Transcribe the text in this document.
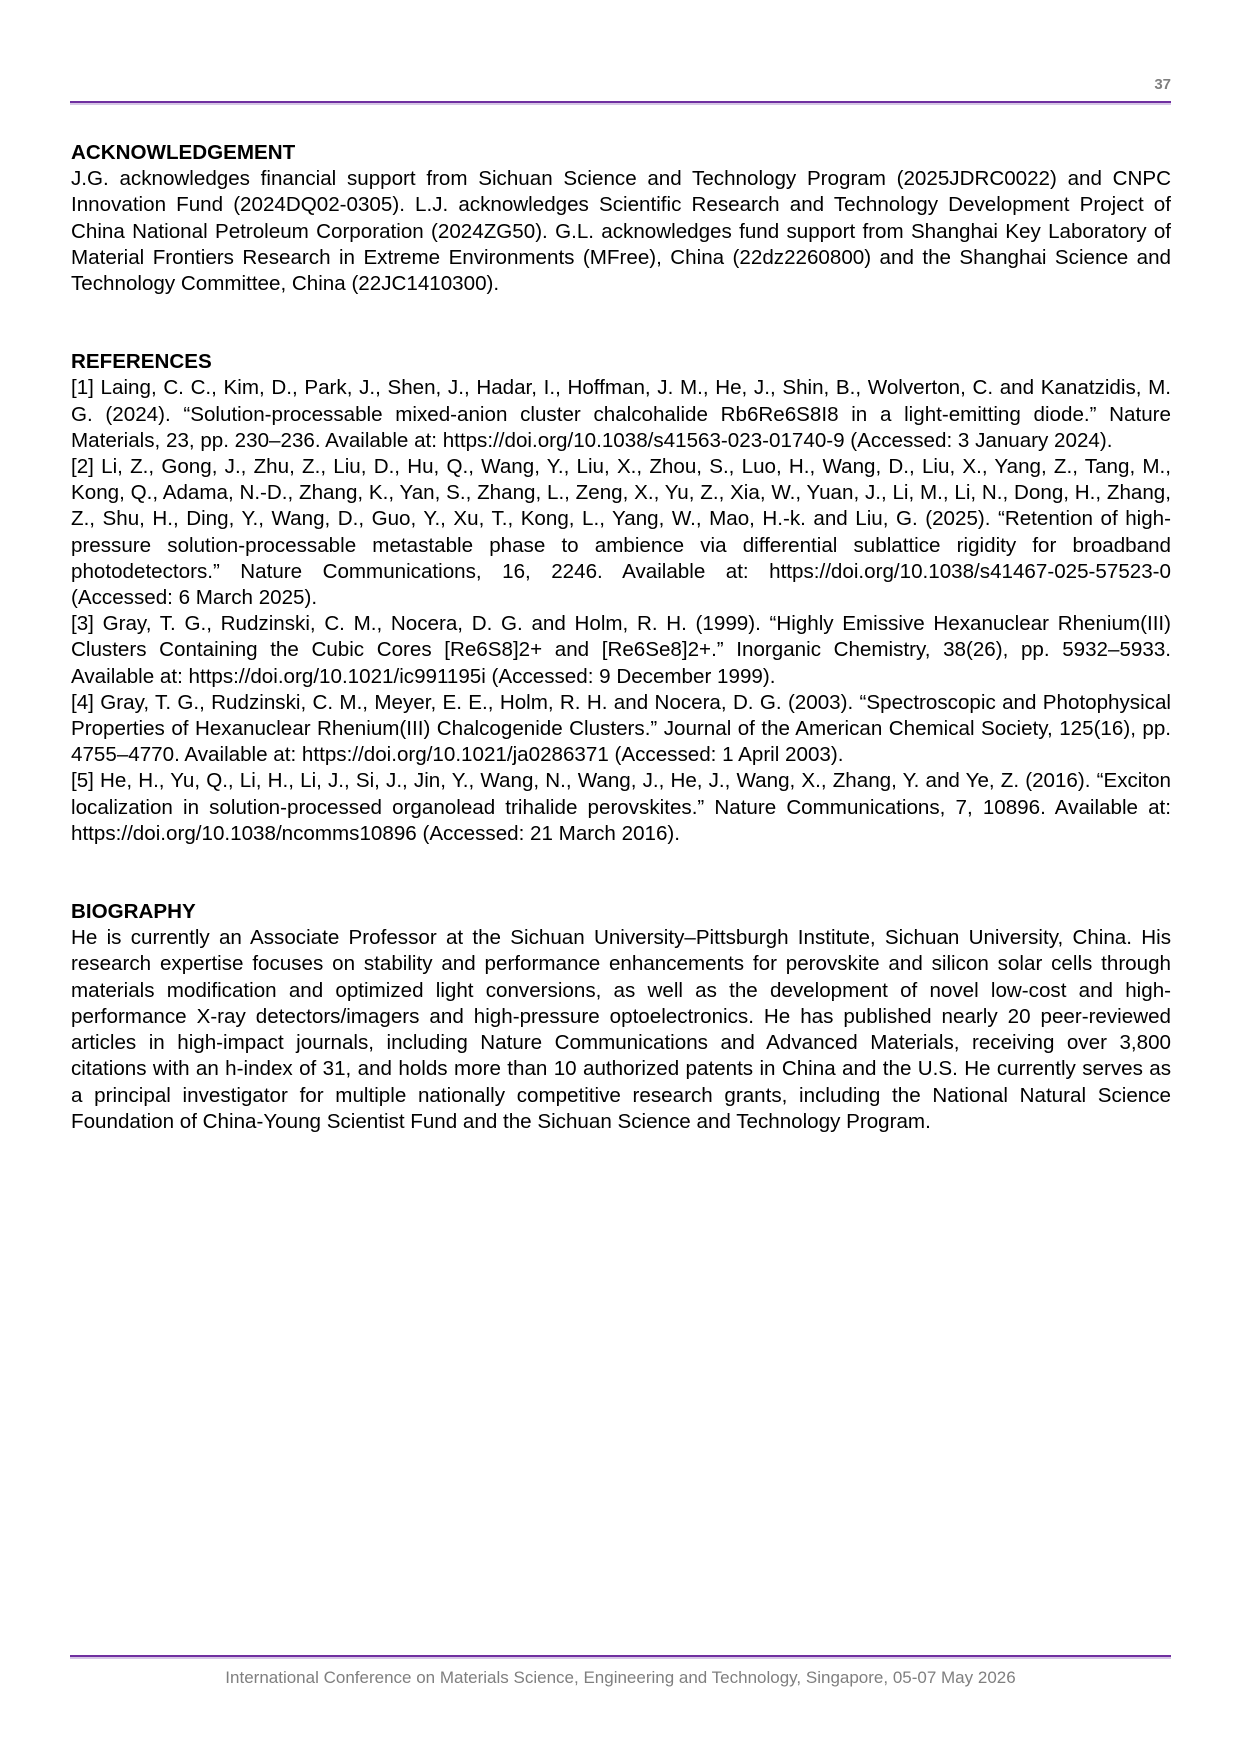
37

ACKNOWLEDGEMENT

J.G. acknowledges financial support from Sichuan Science and Technology Program (2025JDRC0022) and CNPC Innovation Fund (2024DQ02-0305). L.J. acknowledges Scientific Research and Technology Development Project of China National Petroleum Corporation (2024ZG50). G.L. acknowledges fund support from Shanghai Key Laboratory of Material Frontiers Research in Extreme Environments (MFree), China (22dz2260800) and the Shanghai Science and Technology Committee, China (22JC1410300).

REFERENCES

[1] Laing, C. C., Kim, D., Park, J., Shen, J., Hadar, I., Hoffman, J. M., He, J., Shin, B., Wolverton, C. and Kanatzidis, M. G. (2024). “Solution-processable mixed-anion cluster chalcohalide Rb6Re6S8I8 in a light-emitting diode.” Nature Materials, 23, pp. 230–236. Available at: https://doi.org/10.1038/s41563-023-01740-9 (Accessed: 3 January 2024).

[2] Li, Z., Gong, J., Zhu, Z., Liu, D., Hu, Q., Wang, Y., Liu, X., Zhou, S., Luo, H., Wang, D., Liu, X., Yang, Z., Tang, M., Kong, Q., Adama, N.-D., Zhang, K., Yan, S., Zhang, L., Zeng, X., Yu, Z., Xia, W., Yuan, J., Li, M., Li, N., Dong, H., Zhang, Z., Shu, H., Ding, Y., Wang, D., Guo, Y., Xu, T., Kong, L., Yang, W., Mao, H.-k. and Liu, G. (2025). “Retention of high-pressure solution-processable metastable phase to ambience via differential sublattice rigidity for broadband photodetectors.” Nature Communications, 16, 2246. Available at: https://doi.org/10.1038/s41467-025-57523-0 (Accessed: 6 March 2025).

[3] Gray, T. G., Rudzinski, C. M., Nocera, D. G. and Holm, R. H. (1999). “Highly Emissive Hexanuclear Rhenium(III) Clusters Containing the Cubic Cores [Re6S8]2+ and [Re6Se8]2+.” Inorganic Chemistry, 38(26), pp. 5932–5933. Available at: https://doi.org/10.1021/ic991195i (Accessed: 9 December 1999).

[4] Gray, T. G., Rudzinski, C. M., Meyer, E. E., Holm, R. H. and Nocera, D. G. (2003). “Spectroscopic and Photophysical Properties of Hexanuclear Rhenium(III) Chalcogenide Clusters.” Journal of the American Chemical Society, 125(16), pp. 4755–4770. Available at: https://doi.org/10.1021/ja0286371 (Accessed: 1 April 2003).

[5] He, H., Yu, Q., Li, H., Li, J., Si, J., Jin, Y., Wang, N., Wang, J., He, J., Wang, X., Zhang, Y. and Ye, Z. (2016). “Exciton localization in solution-processed organolead trihalide perovskites.” Nature Communications, 7, 10896. Available at: https://doi.org/10.1038/ncomms10896 (Accessed: 21 March 2016).

BIOGRAPHY

He is currently an Associate Professor at the Sichuan University–Pittsburgh Institute, Sichuan University, China. His research expertise focuses on stability and performance enhancements for perovskite and silicon solar cells through materials modification and optimized light conversions, as well as the development of novel low-cost and high-performance X-ray detectors/imagers and high-pressure optoelectronics. He has published nearly 20 peer-reviewed articles in high-impact journals, including Nature Communications and Advanced Materials, receiving over 3,800 citations with an h-index of 31, and holds more than 10 authorized patents in China and the U.S. He currently serves as a principal investigator for multiple nationally competitive research grants, including the National Natural Science Foundation of China-Young Scientist Fund and the Sichuan Science and Technology Program.

International Conference on Materials Science, Engineering and Technology, Singapore, 05-07 May 2026
